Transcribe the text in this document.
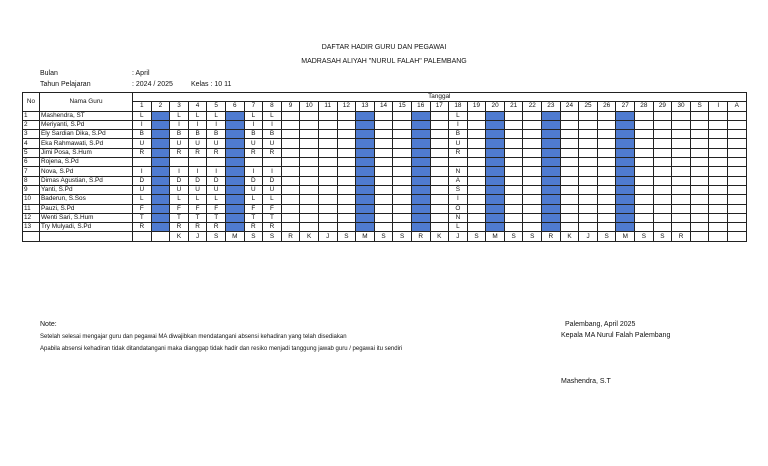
DAFTAR HADIR GURU DAN PEGAWAI
MADRASAH ALIYAH "NURUL FALAH" PALEMBANG
Bulan	: April
Tahun Pelajaran	: 2024 / 2025	Kelas : 10 11
No	Nama Guru	Tanggal																																
		1	2	3	4	5	6	7	8	9	10	11	12	13	14	15	16	17	18	19	20	21	22	23	24	25	26	27	28	29	30	S	I	A
1	Mashendra, ST	L		L	L	L		L	L										L															
2	Meriyanti, S.Pd	I		I	I	I		I	I										I															
3	Ely Sardian Dika, S.Pd	B		B	B	B		B	B										B															
4	Eka Rahmawati, S.Pd	U		U	U	U		U	U										U															
5	Jimi Posa, S.Hum	R		R	R	R		R	R										R															
6	Rojena, S.Pd																																	
7	Nova, S.Pd	I		I	I	I		I	I										N															
8	Dimas Agustian, S.Pd	D		D	D	D		D	D										A															
9	Yanti, S.Pd	U		U	U	U		U	U										S															
10	Baderun, S.Sos	L		L	L	L		L	L										I															
11	Pauzi, S.Pd	F		F	F	F		F	F										O															
12	Wenti Sari, S.Hum	T		T	T	T		T	T										N															
13	Try Mulyadi, S.Pd	R		R	R	R		R	R										L															
				K	J	S	M	S	S	R	K	J	S	M	S	S	R	K	J	S	M	S	S	R	K	J	S	M	S	S	R			
Note:
Setelah selesai mengajar guru dan pegawai MA diwajibkan mendatangani absensi kehadiran yang telah disediakan
Apabila absensi kehadiran tidak ditandatangani maka dianggap tidak hadir dan resiko menjadi tanggung jawab guru / pegawai itu sendiri
Palembang, April 2025
Kepala MA Nurul Falah Palembang
Mashendra, S.T
